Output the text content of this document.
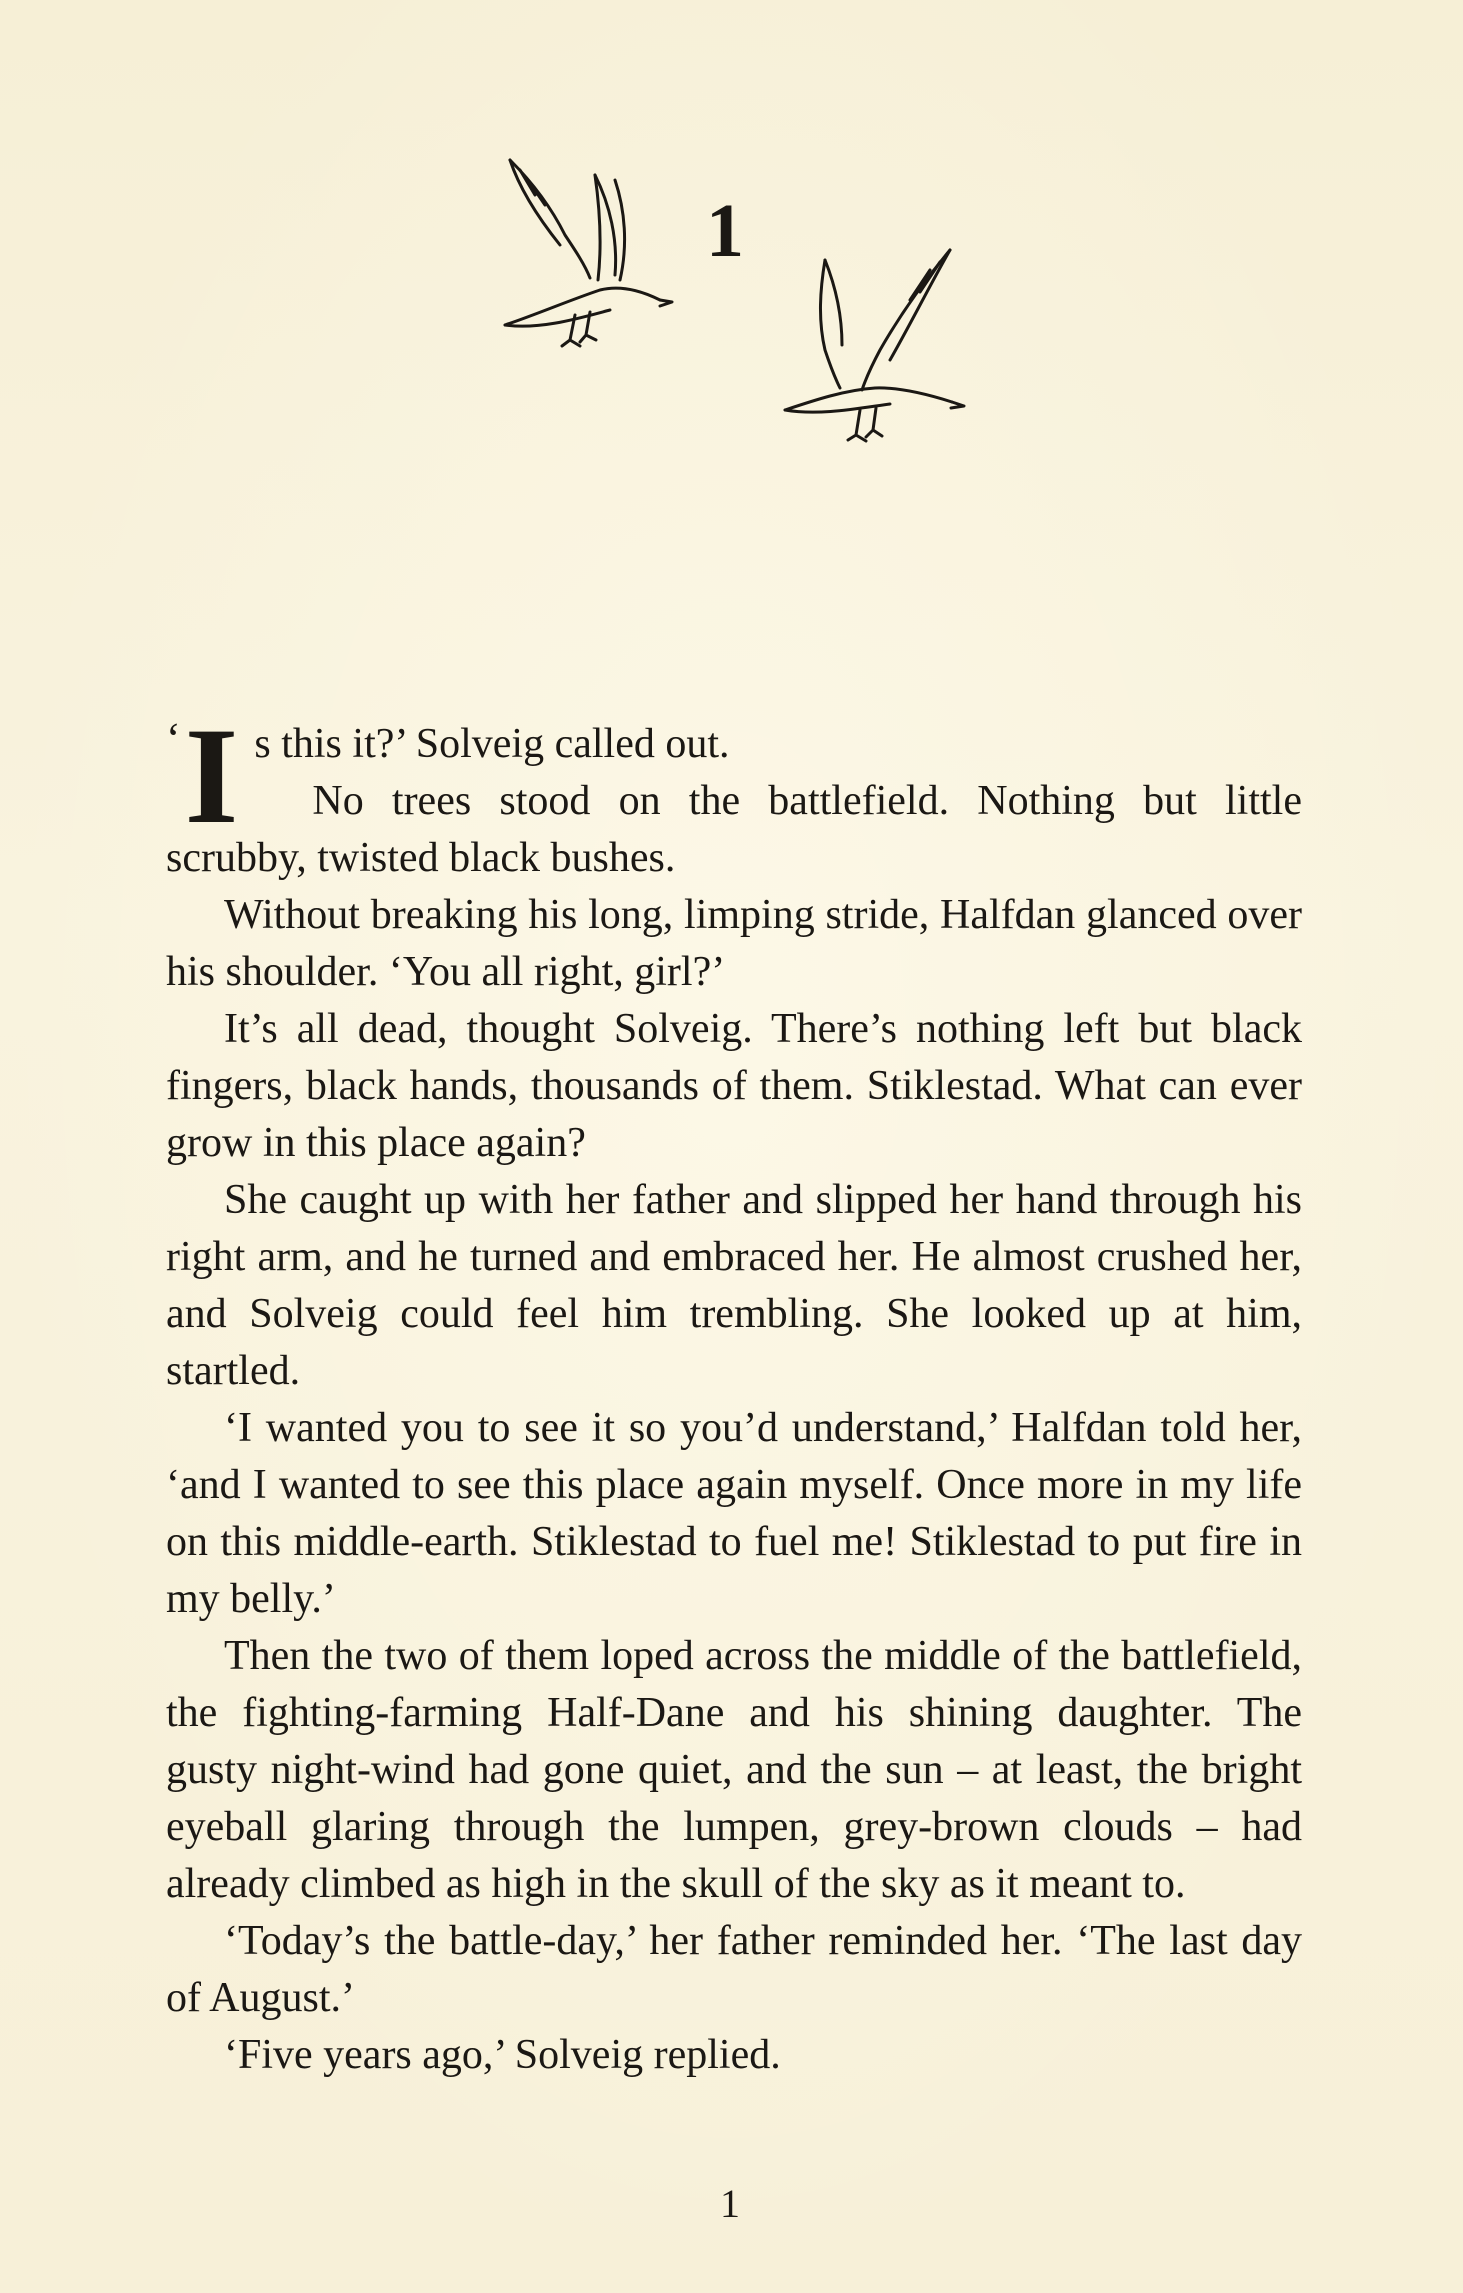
1

‘ I s this it?’ Solveig called out.

No trees stood on the battlefield. Nothing but little scrubby, twisted black bushes.

Without breaking his long, limping stride, Halfdan glanced over his shoulder. ‘You all right, girl?’

It’s all dead, thought Solveig. There’s nothing left but black fingers, black hands, thousands of them. Stiklestad. What can ever grow in this place again?

She caught up with her father and slipped her hand through his right arm, and he turned and embraced her. He almost crushed her, and Solveig could feel him trembling. She looked up at him, startled.

‘I wanted you to see it so you’d understand,’ Halfdan told her, ‘and I wanted to see this place again myself. Once more in my life on this middle-earth. Stiklestad to fuel me! Stiklestad to put fire in my belly.’

Then the two of them loped across the middle of the battlefield, the fighting-farming Half-Dane and his shining daughter. The gusty night-wind had gone quiet, and the sun – at least, the bright eyeball glaring through the lumpen, grey-brown clouds – had already climbed as high in the skull of the sky as it meant to.

‘Today’s the battle-day,’ her father reminded her. ‘The last day of August.’

‘Five years ago,’ Solveig replied.

1
